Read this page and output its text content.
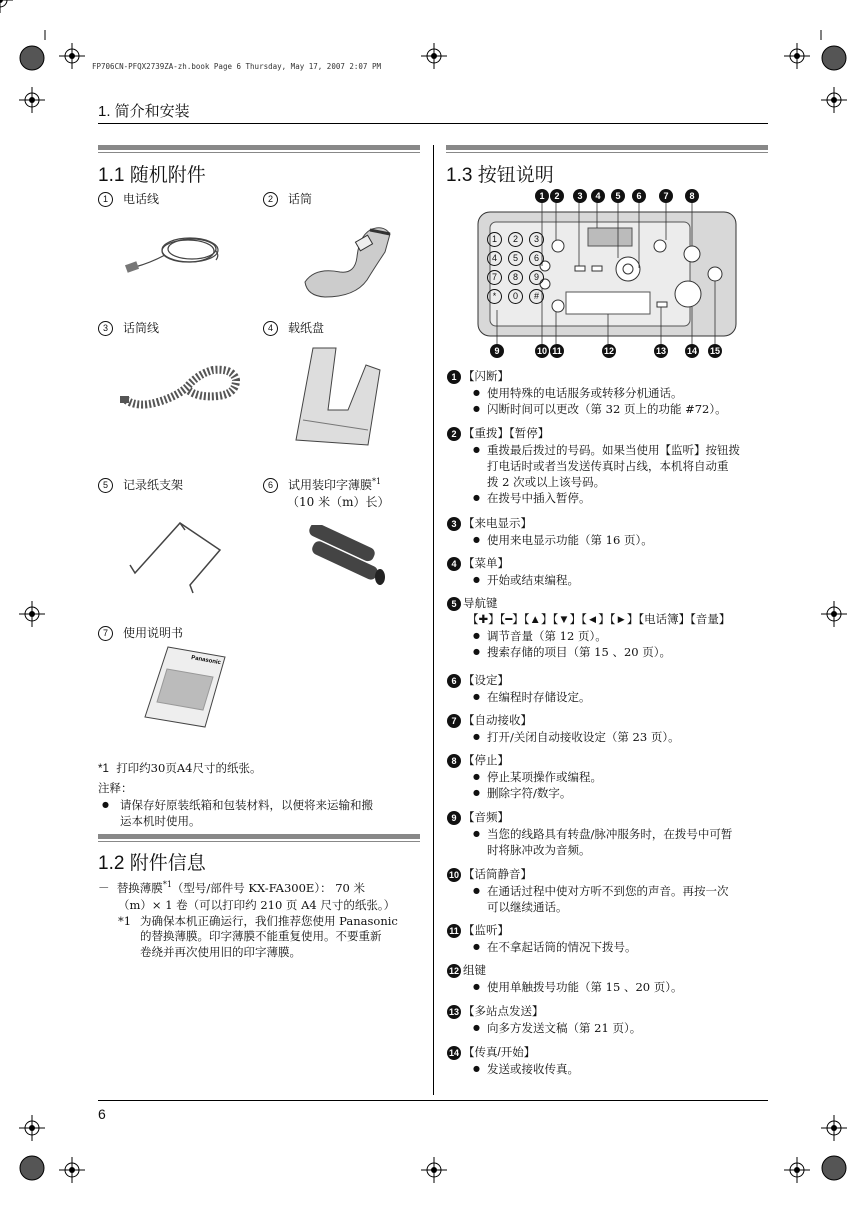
FP706CN-PFQX2739ZA-zh.book Page 6 Thursday, May 17, 2007 2:07 PM
1. 简介和安装
6
1.1 随机附件
1 电话线	2 话筒
3 话筒线	4 载纸盘
5 记录纸支架	6 试用装印字薄膜$^{*1}$
（10 米（m）长）
7 使用说明书
Panasonic
*1 打印约30页A4尺寸的纸张。
注释：
● 请保存好原装纸箱和包装材料，以便将来运输和搬
运本机时使用。
1.2 附件信息
－ 替换薄膜$^{*1}$（型号/部件号 KX-FA300E）： 70 米
（m）× 1 卷（可以打印约 210 页 A4 尺寸的纸张。）
*1 为确保本机正确运行，我们推荐您使用 Panasonic
的替换薄膜。印字薄膜不能重复使用。不要重新
卷绕并再次使用旧的印字薄膜。
1.3 按钮说明
1	2	3
4	5	6
7	8	9
*	0	#
1	2	3	4	5	6	7	8
9	10 11	12	13 14 15
1 【闪断】
● 使用特殊的电话服务或转移分机通话。
● 闪断时间可以更改（第 32 页上的功能 #72）。
2 【重拨】【暂停】
● 重拨最后拨过的号码。如果当使用【监听】按钮拨
打电话时或者当发送传真时占线，本机将自动重
拨 2 次或以上该号码。
● 在拨号中插入暂停。
3 【来电显示】
● 使用来电显示功能（第 16 页）。
4 【菜单】
● 开始或结束编程。
5 导航键
【✚】【━】【▲】【▼】【◄】【►】【电话簿】【音量】
● 调节音量（第 12 页）。
● 搜索存储的项目（第 15 、20 页）。
6 【设定】
● 在编程时存储设定。
7 【自动接收】
● 打开/关闭自动接收设定（第 23 页）。
8 【停止】
● 停止某项操作或编程。
● 删除字符/数字。
9 【音频】
● 当您的线路具有转盘/脉冲服务时，在拨号中可暂
时将脉冲改为音频。
10 【话筒静音】
● 在通话过程中使对方听不到您的声音。再按一次
可以继续通话。
11 【监听】
● 在不拿起话筒的情况下拨号。
12 组键
● 使用单触拨号功能（第 15 、20 页）。
13 【多站点发送】
● 向多方发送文稿（第 21 页）。
14 【传真/开始】
● 发送或接收传真。
